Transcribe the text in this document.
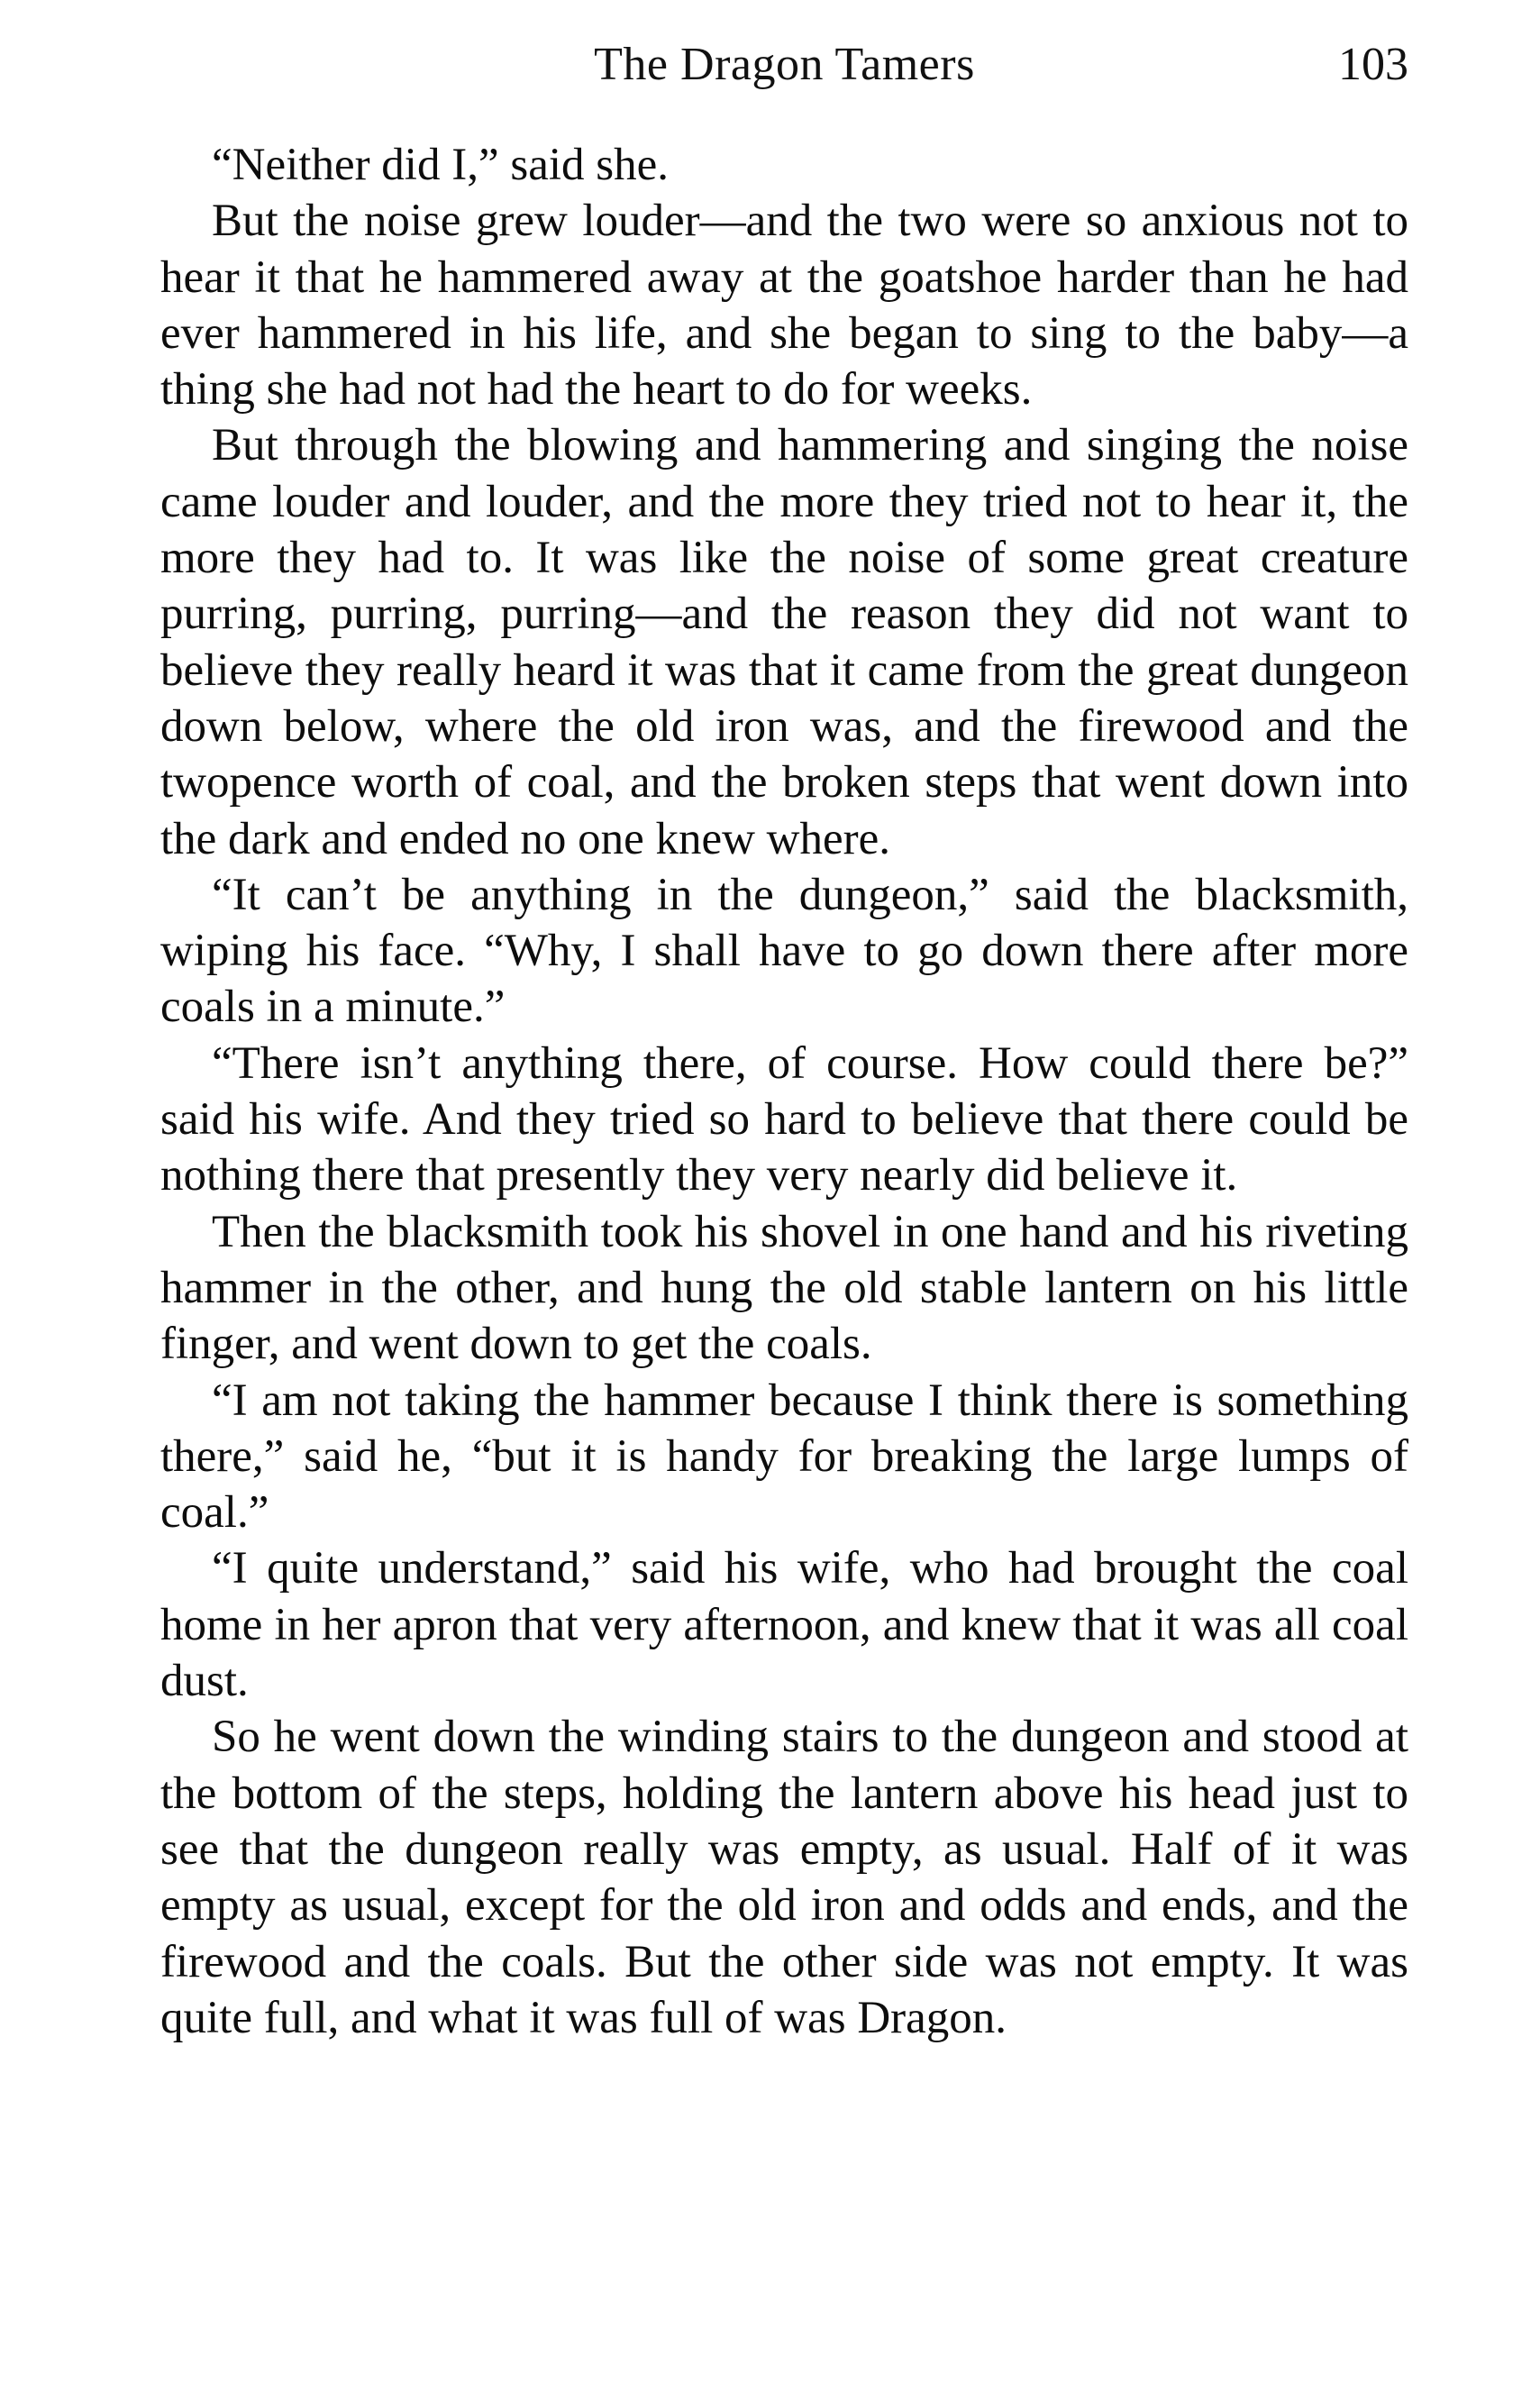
The Dragon Tamers	103

“Neither did I,” said she.

But the noise grew louder—and the two were so anxious not to hear it that he hammered away at the goatshoe harder than he had ever hammered in his life, and she began to sing to the baby—a thing she had not had the heart to do for weeks.

But through the blowing and hammering and singing the noise came louder and louder, and the more they tried not to hear it, the more they had to. It was like the noise of some great creature purring, purring, purring—and the reason they did not want to believe they really heard it was that it came from the great dungeon down below, where the old iron was, and the firewood and the twopence worth of coal, and the broken steps that went down into the dark and ended no one knew where.

“It can’t be anything in the dungeon,” said the blacksmith, wiping his face. “Why, I shall have to go down there after more coals in a minute.”

“There isn’t anything there, of course. How could there be?” said his wife. And they tried so hard to believe that there could be nothing there that presently they very nearly did believe it.

Then the blacksmith took his shovel in one hand and his riveting hammer in the other, and hung the old stable lantern on his little finger, and went down to get the coals.

“I am not taking the hammer because I think there is something there,” said he, “but it is handy for breaking the large lumps of coal.”

“I quite understand,” said his wife, who had brought the coal home in her apron that very afternoon, and knew that it was all coal dust.

So he went down the winding stairs to the dungeon and stood at the bottom of the steps, holding the lantern above his head just to see that the dungeon really was empty, as usual. Half of it was empty as usual, except for the old iron and odds and ends, and the firewood and the coals. But the other side was not empty. It was quite full, and what it was full of was Dragon.
